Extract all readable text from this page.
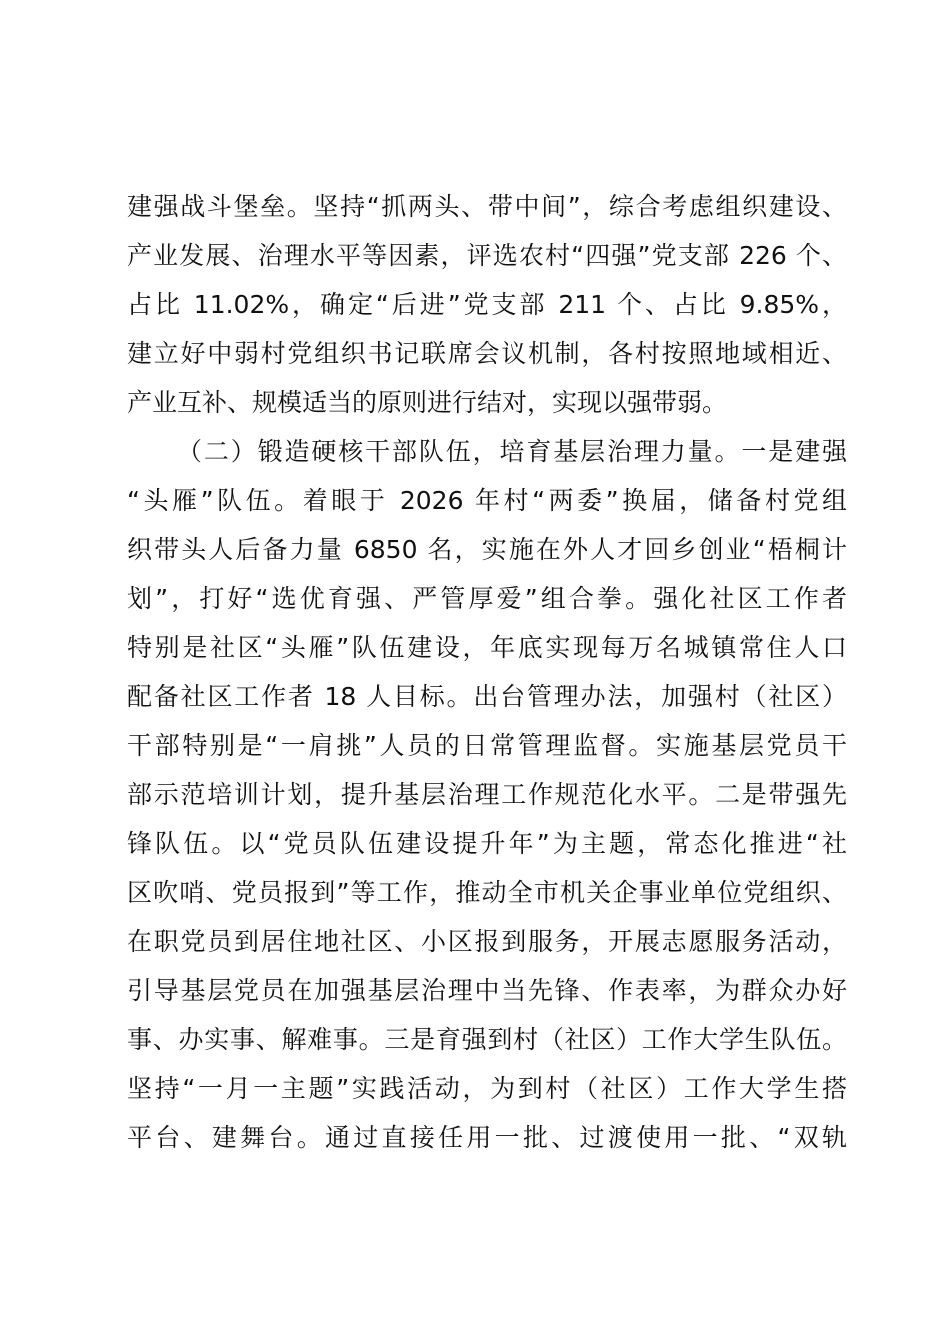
建强战斗堡垒。坚持“抓两头、带中间”，综合考虑组织建设、
产业发展、治理水平等因素，评选农村“四强”党支部 226 个、
占比 11.02%，确定“后进”党支部 211 个、占比 9.85%，
建立好中弱村党组织书记联席会议机制，各村按照地域相近、
产业互补、规模适当的原则进行结对，实现以强带弱。
（二）锻造硬核干部队伍，培育基层治理力量。一是建强
“头雁”队伍。着眼于 2026 年村“两委”换届，储备村党组
织带头人后备力量 6850 名，实施在外人才回乡创业“梧桐计
划”，打好“选优育强、严管厚爱”组合拳。强化社区工作者
特别是社区“头雁”队伍建设，年底实现每万名城镇常住人口
配备社区工作者 18 人目标。出台管理办法，加强村（社区）
干部特别是“一肩挑”人员的日常管理监督。实施基层党员干
部示范培训计划，提升基层治理工作规范化水平。二是带强先
锋队伍。以“党员队伍建设提升年”为主题，常态化推进“社
区吹哨、党员报到”等工作，推动全市机关企事业单位党组织、
在职党员到居住地社区、小区报到服务，开展志愿服务活动，
引导基层党员在加强基层治理中当先锋、作表率，为群众办好
事、办实事、解难事。三是育强到村（社区）工作大学生队伍。
坚持“一月一主题”实践活动，为到村（社区）工作大学生搭
平台、建舞台。通过直接任用一批、过渡使用一批、“双轨
